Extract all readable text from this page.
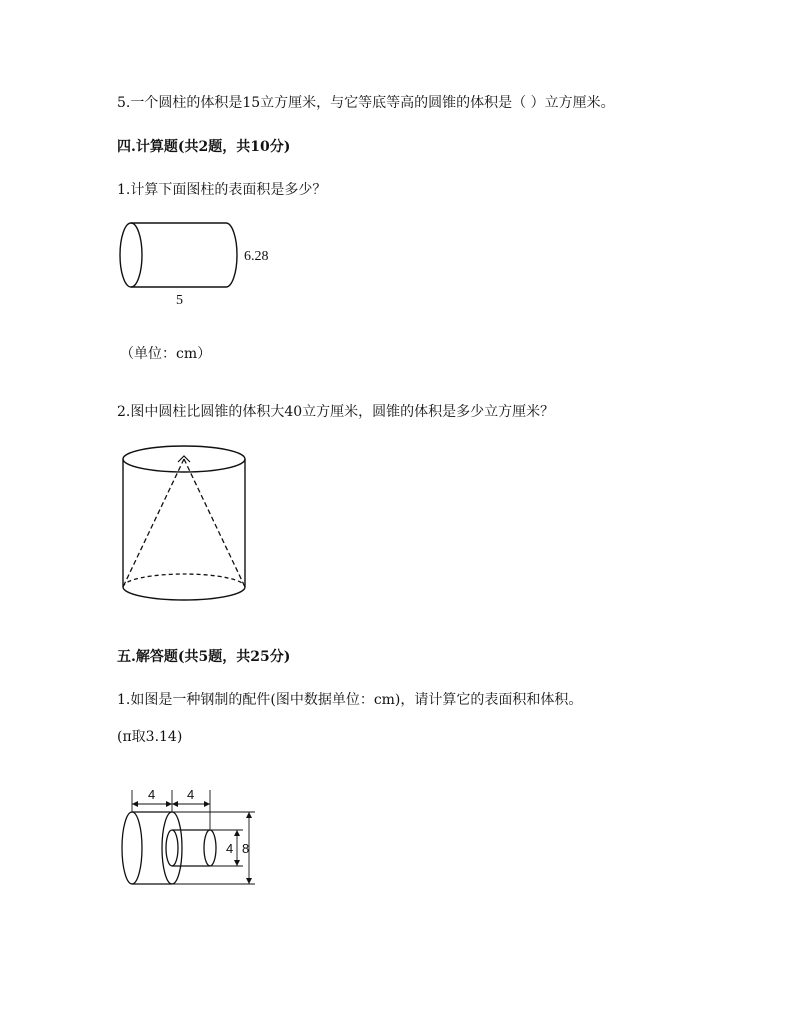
5.一个圆柱的体积是15立方厘米，与它等底等高的圆锥的体积是（ ）立方厘米。
四.计算题(共2题，共10分)
1.计算下面图柱的表面积是多少？
6.28
5
（单位：cm）
2.图中圆柱比圆锥的体积大40立方厘米，圆锥的体积是多少立方厘米？
五.解答题(共5题，共25分)
1.如图是一种钢制的配件(图中数据单位：cm)，请计算它的表面积和体积。
(π取3.14)
4 4
4 8
